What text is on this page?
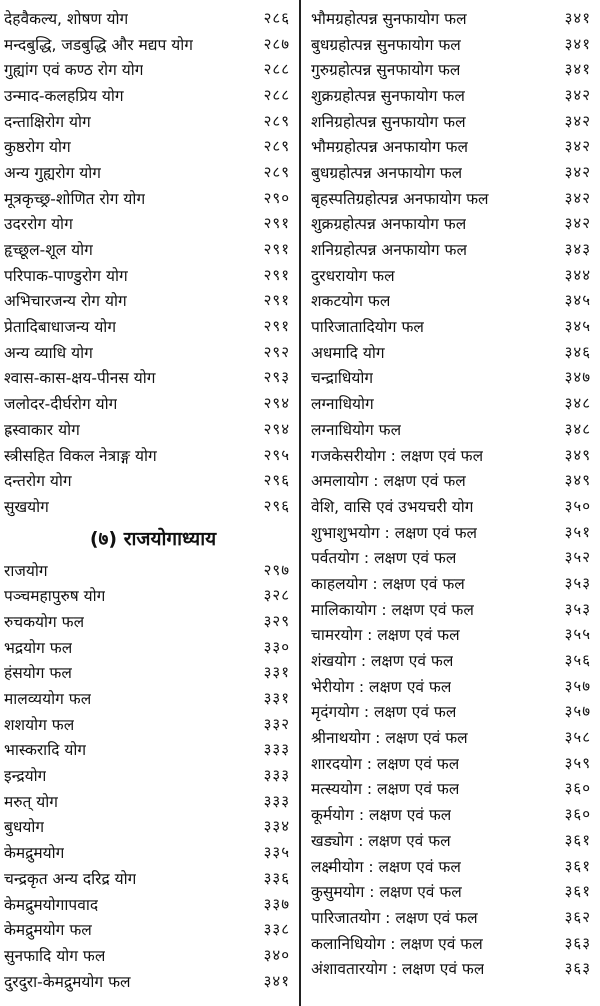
देहवैकल्य, शोषण योग	२८६
मन्दबुद्धि, जडबुद्धि और मद्यप योग	२८७
गुह्यांग एवं कण्ठ रोग योग	२८८
उन्माद-कलहप्रिय योग	२८८
दन्ताक्षिरोग योग	२८९
कुष्ठरोग योग	२८९
अन्य गुह्यरोग योग	२८९
मूत्रकृच्छ्र-शोणित रोग योग	२९०
उदररोग योग	२९१
हृच्छूल-शूल योग	२९१
परिपाक-पाण्डुरोग योग	२९१
अभिचारजन्य रोग योग	२९१
प्रेतादिबाधाजन्य योग	२९१
अन्य व्याधि योग	२९२
श्वास-कास-क्षय-पीनस योग	२९३
जलोदर-दीर्घरोग योग	२९४
ह्रस्वाकार योग	२९४
स्त्रीसहित विकल नेत्राङ्ग योग	२९५
दन्तरोग योग	२९६
सुखयोग	२९६
(७) राजयोगाध्याय
राजयोग	२९७
पञ्चमहापुरुष योग	३२८
रुचकयोग फल	३२९
भद्रयोग फल	३३०
हंसयोग फल	३३१
मालव्ययोग फल	३३१
शशयोग फल	३३२
भास्करादि योग	३३३
इन्द्रयोग	३३३
मरुत् योग	३३३
बुधयोग	३३४
केमद्रुमयोग	३३५
चन्द्रकृत अन्य दरिद्र योग	३३६
केमद्रुमयोगापवाद	३३७
केमद्रुमयोग फल	३३८
सुनफादि योग फल	३४०
दुरदुरा-केमद्रुमयोग फल	३४१
भौमग्रहोत्पन्न सुनफायोग फल	३४१
बुधग्रहोत्पन्न सुनफायोग फल	३४१
गुरुग्रहोत्पन्न सुनफायोग फल	३४१
शुक्रग्रहोत्पन्न सुनफायोग फल	३४२
शनिग्रहोत्पन्न सुनफायोग फल	३४२
भौमग्रहोत्पन्न अनफायोग फल	३४२
बुधग्रहोत्पन्न अनफायोग फल	३४२
बृहस्पतिग्रहोत्पन्न अनफायोग फल	३४२
शुक्रग्रहोत्पन्न अनफायोग फल	३४२
शनिग्रहोत्पन्न अनफायोग फल	३४३
दुरधरायोग फल	३४४
शकटयोग फल	३४५
पारिजातादियोग फल	३४५
अधमादि योग	३४६
चन्द्राधियोग	३४७
लग्नाधियोग	३४८
लग्नाधियोग फल	३४८
गजकेसरीयोग : लक्षण एवं फल	३४९
अमलायोग : लक्षण एवं फल	३४९
वेशि, वासि एवं उभयचरी योग	३५०
शुभाशुभयोग : लक्षण एवं फल	३५१
पर्वतयोग : लक्षण एवं फल	३५२
काहलयोग : लक्षण एवं फल	३५३
मालिकायोग : लक्षण एवं फल	३५३
चामरयोग : लक्षण एवं फल	३५५
शंखयोग : लक्षण एवं फल	३५६
भेरीयोग : लक्षण एवं फल	३५७
मृदंगयोग : लक्षण एवं फल	३५७
श्रीनाथयोग : लक्षण एवं फल	३५८
शारदयोग : लक्षण एवं फल	३५९
मत्स्ययोग : लक्षण एवं फल	३६०
कूर्मयोग : लक्षण एवं फल	३६०
खड्योग : लक्षण एवं फल	३६१
लक्ष्मीयोग : लक्षण एवं फल	३६१
कुसुमयोग : लक्षण एवं फल	३६१
पारिजातयोग : लक्षण एवं फल	३६२
कलानिधियोग : लक्षण एवं फल	३६३
अंशावतारयोग : लक्षण एवं फल	३६३
